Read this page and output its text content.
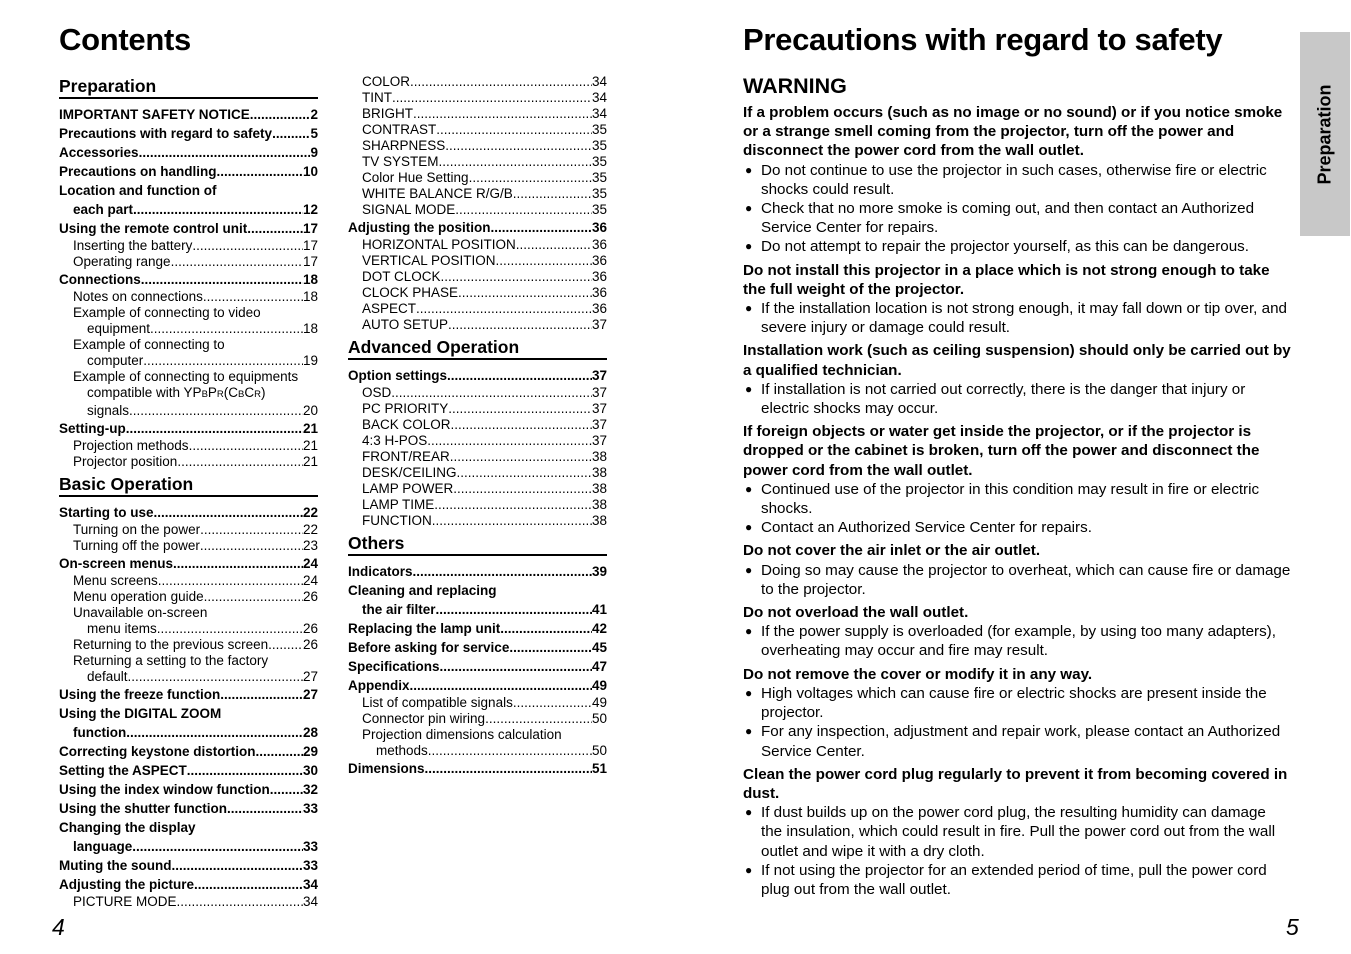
Contents
Preparation
IMPORTANT SAFETY NOTICE .....	2
Precautions with regard to safety .....	5
Accessories .....	9
Precautions on handling .....	10
Location and function of
each part .....	12
Using the remote control unit .....	17
Inserting the battery .....	17
Operating range .....	17
Connections .....	18
Notes on connections .....	18
Example of connecting to video
equipment .....	18
Example of connecting to
computer .....	19
Example of connecting to equipments
compatible with YPBPR(CBCR)
signals .....	20
Setting-up .....	21
Projection methods .....	21
Projector position .....	21
Basic Operation
Starting to use .....	22
Turning on the power .....	22
Turning off the power .....	23
On-screen menus .....	24
Menu screens .....	24
Menu operation guide .....	26
Unavailable on-screen
menu items .....	26
Returning to the previous screen .....	26
Returning a setting to the factory
default .....	27
Using the freeze function .....	27
Using the DIGITAL ZOOM
function .....	28
Correcting keystone distortion .....	29
Setting the ASPECT .....	30
Using the index window function ..... 32
Using the shutter function .....	33
Changing the display
language .....	33
Muting the sound .....	33
Adjusting the picture .....	34
PICTURE MODE .....	34
COLOR .....	34
TINT .....	34
BRIGHT .....	34
CONTRAST .....	35
SHARPNESS .....	35
TV SYSTEM .....	35
Color Hue Setting .....	35
WHITE BALANCE R/G/B .....	35
SIGNAL MODE .....	35
Adjusting the position .....	36
HORIZONTAL POSITION .....	36
VERTICAL POSITION .....	36
DOT CLOCK .....	36
CLOCK PHASE .....	36
ASPECT .....	36
AUTO SETUP .....	37
Advanced Operation
Option settings .....	37
OSD .....	37
PC PRIORITY .....	37
BACK COLOR .....	37
4:3 H-POS .....	37
FRONT/REAR .....	38
DESK/CEILING .....	38
LAMP POWER .....	38
LAMP TIME .....	38
FUNCTION .....	38
Others
Indicators .....	39
Cleaning and replacing
the air filter .....	41
Replacing the lamp unit .....	42
Before asking for service .....	45
Specifications .....	47
Appendix .....	49
List of compatible signals .....	49
Connector pin wiring .....	50
Projection dimensions calculation
methods .....	50
Dimensions .....	51
4
Precautions with regard to safety
Preparation
WARNING
If a problem occurs (such as no image or no sound) or if you notice smoke or a strange smell coming from the projector, turn off the power and disconnect the power cord from the wall outlet.
● Do not continue to use the projector in such cases, otherwise fire or electric shocks could result.
● Check that no more smoke is coming out, and then contact an Authorized Service Center for repairs.
● Do not attempt to repair the projector yourself, as this can be dangerous.
Do not install this projector in a place which is not strong enough to take the full weight of the projector.
● If the installation location is not strong enough, it may fall down or tip over, and severe injury or damage could result.
Installation work (such as ceiling suspension) should only be carried out by a qualified technician.
● If installation is not carried out correctly, there is the danger that injury or electric shocks may occur.
If foreign objects or water get inside the projector, or if the projector is dropped or the cabinet is broken, turn off the power and disconnect the power cord from the wall outlet.
● Continued use of the projector in this condition may result in fire or electric shocks.
● Contact an Authorized Service Center for repairs.
Do not cover the air inlet or the air outlet.
● Doing so may cause the projector to overheat, which can cause fire or damage to the projector.
Do not overload the wall outlet.
● If the power supply is overloaded (for example, by using too many adapters), overheating may occur and fire may result.
Do not remove the cover or modify it in any way.
● High voltages which can cause fire or electric shocks are present inside the projector.
● For any inspection, adjustment and repair work, please contact an Authorized Service Center.
Clean the power cord plug regularly to prevent it from becoming covered in dust.
● If dust builds up on the power cord plug, the resulting humidity can damage the insulation, which could result in fire. Pull the power cord out from the wall outlet and wipe it with a dry cloth.
● If not using the projector for an extended period of time, pull the power cord plug out from the wall outlet.
5
